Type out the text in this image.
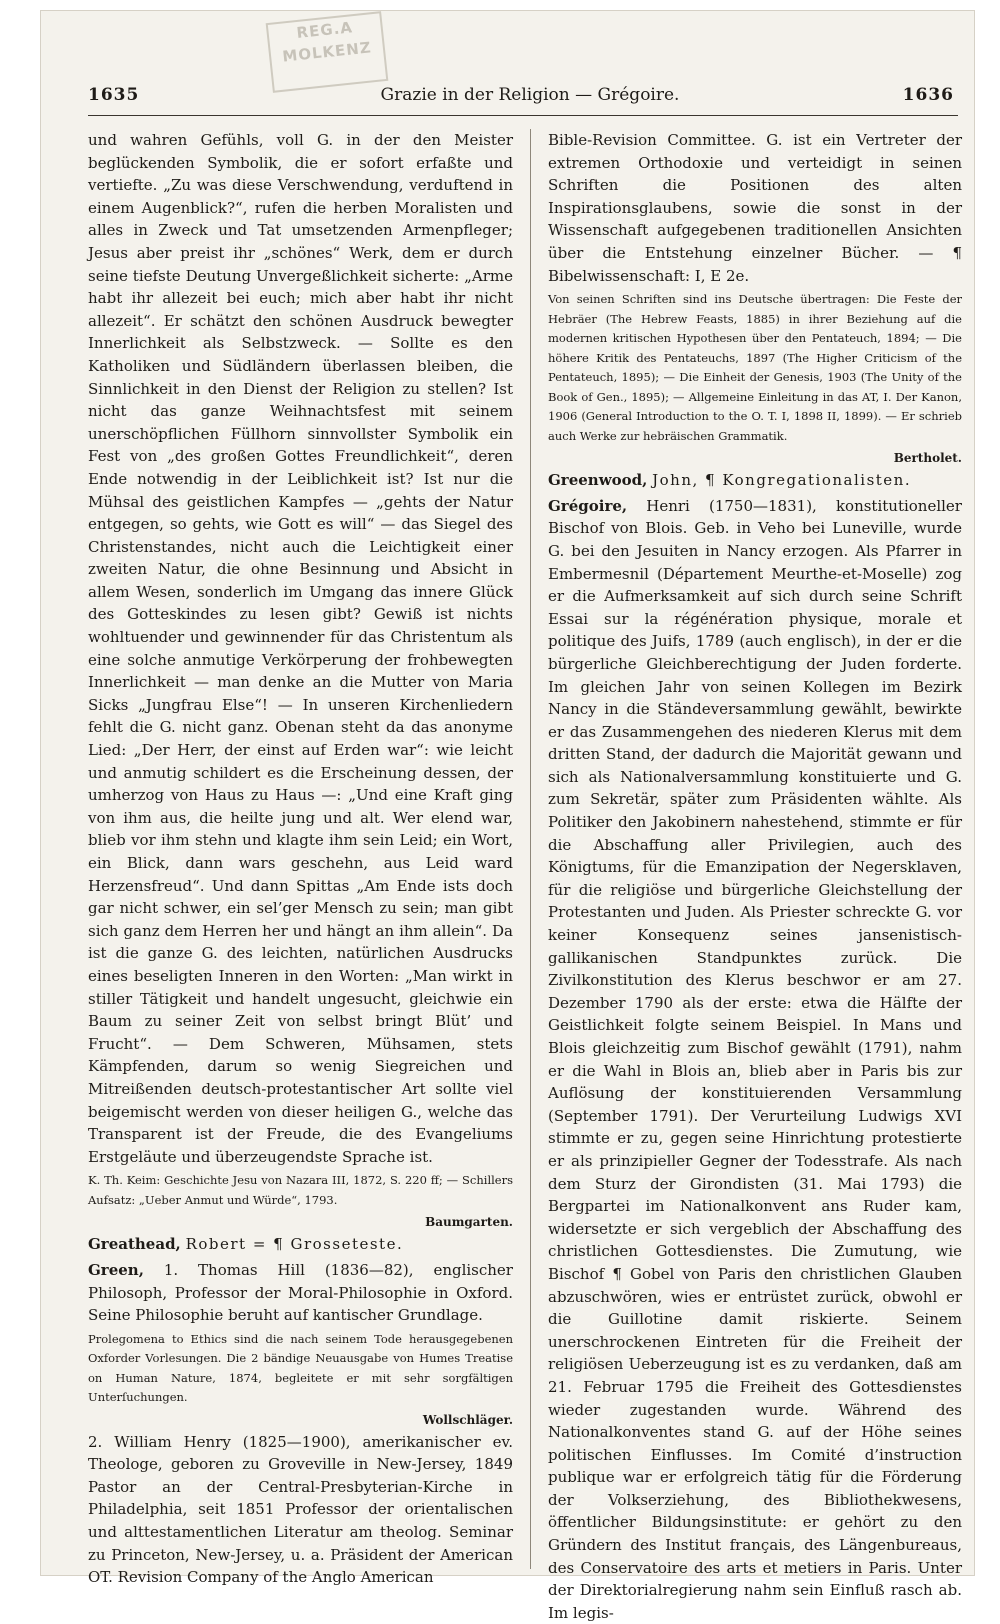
REG.A
MOLKENZ
1635	Grazie in der Religion — Grégoire.	1636

und wahren Gefühls, voll G. in der den Meister beglückenden Symbolik, die er sofort erfaßte und vertiefte. „Zu was diese Verschwendung, verduftend in einem Augenblick?“, rufen die herben Moralisten und alles in Zweck und Tat umsetzenden Armenpfleger; Jesus aber preist ihr „schönes“ Werk, dem er durch seine tiefste Deutung Unvergeßlichkeit sicherte: „Arme habt ihr allezeit bei euch; mich aber habt ihr nicht allezeit“. Er schätzt den schönen Ausdruck bewegter Innerlichkeit als Selbstzweck. — Sollte es den Katholiken und Südländern überlassen bleiben, die Sinnlichkeit in den Dienst der Religion zu stellen? Ist nicht das ganze Weihnachtsfest mit seinem unerschöpflichen Füllhorn sinnvollster Symbolik ein Fest von „des großen Gottes Freundlichkeit“, deren Ende notwendig in der Leiblichkeit ist? Ist nur die Mühsal des geistlichen Kampfes — „gehts der Natur entgegen, so gehts, wie Gott es will“ — das Siegel des Christenstandes, nicht auch die Leichtigkeit einer zweiten Natur, die ohne Besinnung und Absicht in allem Wesen, sonderlich im Umgang das innere Glück des Gotteskindes zu lesen gibt? Gewiß ist nichts wohltuender und gewinnender für das Christentum als eine solche anmutige Verkörperung der frohbewegten Innerlichkeit — man denke an die Mutter von Maria Sicks „Jungfrau Else“! — In unseren Kirchenliedern fehlt die G. nicht ganz. Obenan steht da das anonyme Lied: „Der Herr, der einst auf Erden war“: wie leicht und anmutig schildert es die Erscheinung dessen, der umherzog von Haus zu Haus —: „Und eine Kraft ging von ihm aus, die heilte jung und alt. Wer elend war, blieb vor ihm stehn und klagte ihm sein Leid; ein Wort, ein Blick, dann wars geschehn, aus Leid ward Herzensfreud“. Und dann Spittas „Am Ende ists doch gar nicht schwer, ein sel’ger Mensch zu sein; man gibt sich ganz dem Herren her und hängt an ihm allein“. Da ist die ganze G. des leichten, natürlichen Ausdrucks eines beseligten Inneren in den Worten: „Man wirkt in stiller Tätigkeit und handelt ungesucht, gleichwie ein Baum zu seiner Zeit von selbst bringt Blüt’ und Frucht“. — Dem Schweren, Mühsamen, stets Kämpfenden, darum so wenig Siegreichen und Mitreißenden deutsch-protestantischer Art sollte viel beigemischt werden von dieser heiligen G., welche das Transparent ist der Freude, die des Evangeliums Erstgeläute und überzeugendste Sprache ist.

K. Th. Keim: Geschichte Jesu von Nazara III, 1872, S. 220 ff; — Schillers Aufsatz: „Ueber Anmut und Würde“, 1793.

Baumgarten.

Greathead, Robert = ¶ Grosseteste.

Green, 1. Thomas Hill (1836—82), englischer Philosoph, Professor der Moral-Philosophie in Oxford. Seine Philosophie beruht auf kantischer Grundlage.

Prolegomena to Ethics sind die nach seinem Tode herausgegebenen Oxforder Vorlesungen. Die 2 bändige Neuausgabe von Humes Treatise on Human Nature, 1874, begleitete er mit sehr sorgfältigen Unterſuchungen.

Wollschläger.

2. William Henry (1825—1900), amerikanischer ev. Theologe, geboren zu Groveville in New-Jersey, 1849 Pastor an der Central-Presbyterian-Kirche in Philadelphia, seit 1851 Professor der orientalischen und alttestamentlichen Literatur am theolog. Seminar zu Princeton, New-Jersey, u. a. Präsident der American OT. Revision Company of the Anglo American

Bible-Revision Committee. G. ist ein Vertreter der extremen Orthodoxie und verteidigt in seinen Schriften die Positionen des alten Inspirationsglaubens, sowie die sonst in der Wissenschaft aufgegebenen traditionellen Ansichten über die Entstehung einzelner Bücher. — ¶ Bibelwissenschaft: I, E 2e.

Von seinen Schriften sind ins Deutsche übertragen: Die Feste der Hebräer (The Hebrew Feasts, 1885) in ihrer Beziehung auf die modernen kritischen Hypothesen über den Pentateuch, 1894; — Die höhere Kritik des Pentateuchs, 1897 (The Higher Criticism of the Pentateuch, 1895); — Die Einheit der Genesis, 1903 (The Unity of the Book of Gen., 1895); — Allgemeine Einleitung in das AT, I. Der Kanon, 1906 (General Introduction to the O. T. I, 1898 II, 1899). — Er schrieb auch Werke zur hebräischen Grammatik.

Bertholet.

Greenwood, John, ¶ Kongregationalisten.

Grégoire, Henri (1750—1831), konstitutioneller Bischof von Blois. Geb. in Veho bei Luneville, wurde G. bei den Jesuiten in Nancy erzogen. Als Pfarrer in Embermesnil (Département Meurthe-et-Moselle) zog er die Aufmerksamkeit auf sich durch seine Schrift Essai sur la régénération physique, morale et politique des Juifs, 1789 (auch englisch), in der er die bürgerliche Gleichberechtigung der Juden forderte. Im gleichen Jahr von seinen Kollegen im Bezirk Nancy in die Ständeversammlung gewählt, bewirkte er das Zusammengehen des niederen Klerus mit dem dritten Stand, der dadurch die Majorität gewann und sich als Nationalversammlung konstituierte und G. zum Sekretär, später zum Präsidenten wählte. Als Politiker den Jakobinern nahestehend, stimmte er für die Abschaffung aller Privilegien, auch des Königtums, für die Emanzipation der Negersklaven, für die religiöse und bürgerliche Gleichstellung der Protestanten und Juden. Als Priester schreckte G. vor keiner Konsequenz seines jansenistisch-gallikanischen Standpunktes zurück. Die Zivilkonstitution des Klerus beschwor er am 27. Dezember 1790 als der erste: etwa die Hälfte der Geistlichkeit folgte seinem Beispiel. In Mans und Blois gleichzeitig zum Bischof gewählt (1791), nahm er die Wahl in Blois an, blieb aber in Paris bis zur Auflösung der konstituierenden Versammlung (September 1791). Der Verurteilung Ludwigs XVI stimmte er zu, gegen seine Hinrichtung protestierte er als prinzipieller Gegner der Todesstrafe. Als nach dem Sturz der Girondisten (31. Mai 1793) die Bergpartei im Nationalkonvent ans Ruder kam, widersetzte er sich vergeblich der Abschaffung des christlichen Gottesdienstes. Die Zumutung, wie Bischof ¶ Gobel von Paris den christlichen Glauben abzuschwören, wies er entrüstet zurück, obwohl er die Guillotine damit riskierte. Seinem unerschrockenen Eintreten für die Freiheit der religiösen Ueberzeugung ist es zu verdanken, daß am 21. Februar 1795 die Freiheit des Gottesdienstes wieder zugestanden wurde. Während des Nationalkonventes stand G. auf der Höhe seines politischen Einflusses. Im Comité d’instruction publique war er erfolgreich tätig für die Förderung der Volkserziehung, des Bibliothekwesens, öffentlicher Bildungsinstitute: er gehört zu den Gründern des Institut français, des Längenbureaus, des Conservatoire des arts et metiers in Paris. Unter der Direktorialregierung nahm sein Einfluß rasch ab. Im legis-
